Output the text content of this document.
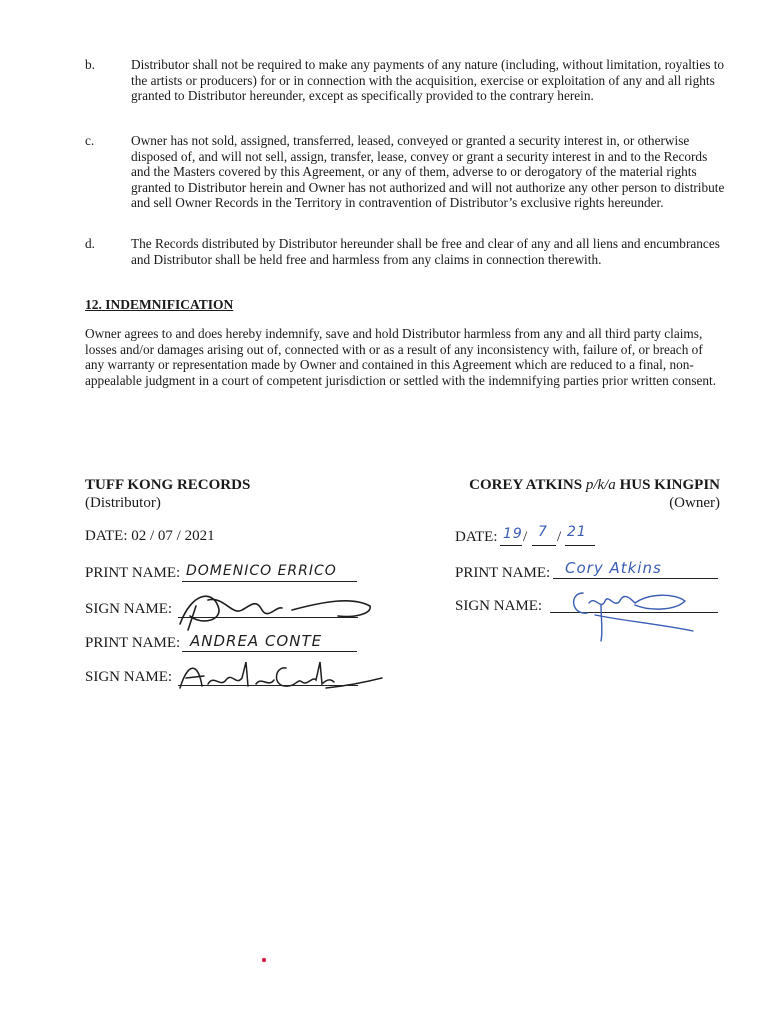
b.	Distributor shall not be required to make any payments of any nature (including, without limitation, royalties to the artists or producers) for or in connection with the acquisition, exercise or exploitation of any and all rights granted to Distributor hereunder, except as specifically provided to the contrary herein.
c.	Owner has not sold, assigned, transferred, leased, conveyed or granted a security interest in, or otherwise disposed of, and will not sell, assign, transfer, lease, convey or grant a security interest in and to the Records and the Masters covered by this Agreement, or any of them, adverse to or derogatory of the material rights granted to Distributor herein and Owner has not authorized and will not authorize any other person to distribute and sell Owner Records in the Territory in contravention of Distributor’s exclusive rights hereunder.
d.	The Records distributed by Distributor hereunder shall be free and clear of any and all liens and encumbrances and Distributor shall be held free and harmless from any claims in connection therewith.
12. INDEMNIFICATION
Owner agrees to and does hereby indemnify, save and hold Distributor harmless from any and all third party claims, losses and/or damages arising out of, connected with or as a result of any inconsistency with, failure of, or breach of any warranty or representation made by Owner and contained in this Agreement which are reduced to a final, non-appealable judgment in a court of competent jurisdiction or settled with the indemnifying parties prior written consent.
TUFF KONG RECORDS
(Distributor)
DATE: 02 / 07 / 2021
PRINT NAME: DOMENICO ERRICO
SIGN NAME:
PRINT NAME: ANDREA CONTE
SIGN NAME:
COREY ATKINS p/k/a HUS KINGPIN
(Owner)
DATE: / /
19 7 21
PRINT NAME: Cory Atkins
SIGN NAME:
